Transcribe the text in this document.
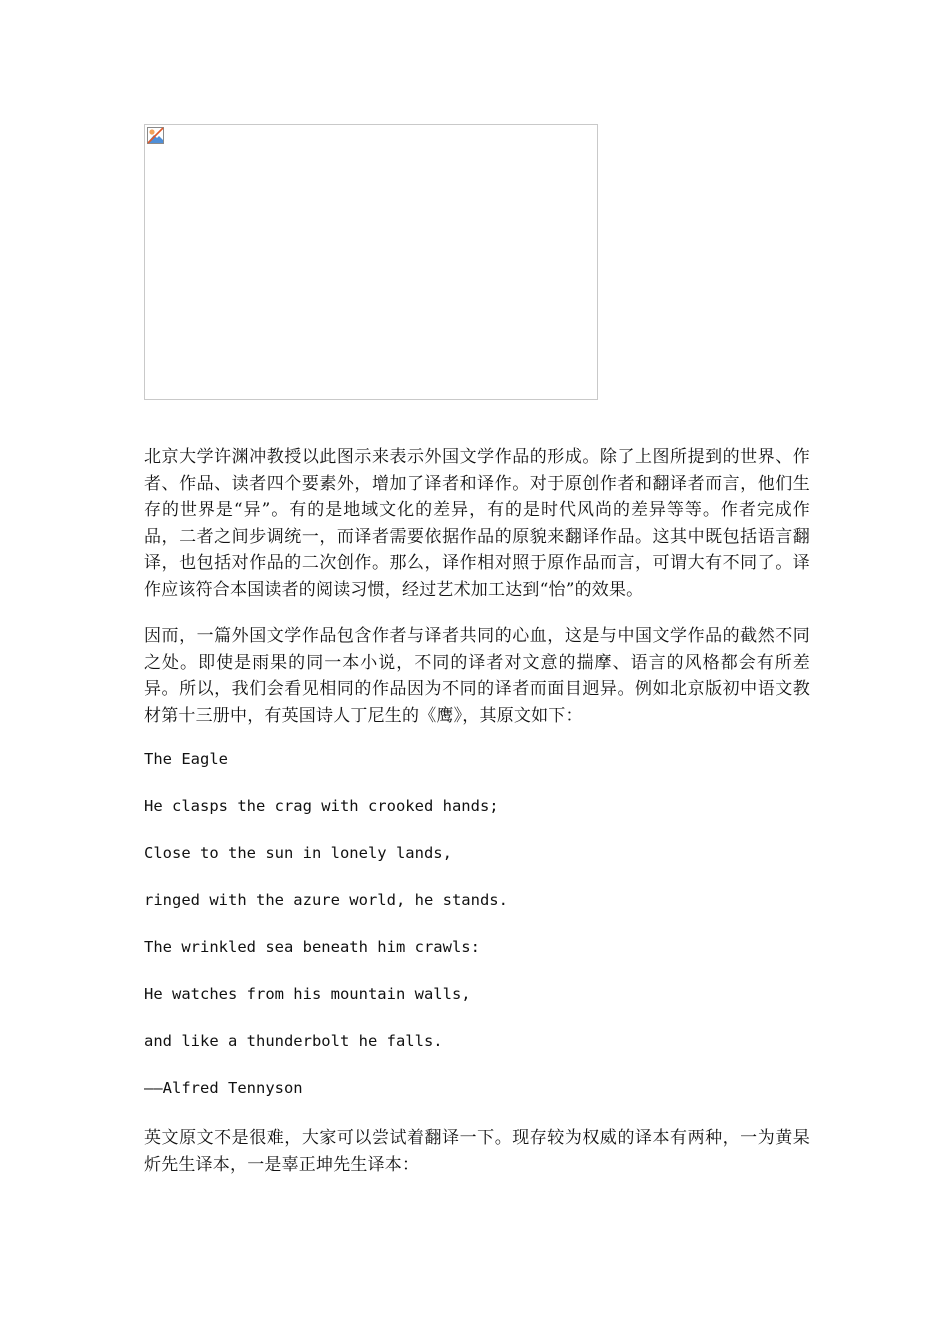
北京大学许渊冲教授以此图示来表示外国文学作品的形成。除了上图所提到的世界、作者、作品、读者四个要素外，增加了译者和译作。对于原创作者和翻译者而言，他们生存的世界是“异”。有的是地域文化的差异，有的是时代风尚的差异等等。作者完成作品，二者之间步调统一，而译者需要依据作品的原貌来翻译作品。这其中既包括语言翻译，也包括对作品的二次创作。那么，译作相对照于原作品而言，可谓大有不同了。译作应该符合本国读者的阅读习惯，经过艺术加工达到“怡”的效果。

因而，一篇外国文学作品包含作者与译者共同的心血，这是与中国文学作品的截然不同之处。即使是雨果的同一本小说，不同的译者对文意的揣摩、语言的风格都会有所差异。所以，我们会看见相同的作品因为不同的译者而面目迥异。例如北京版初中语文教材第十三册中，有英国诗人丁尼生的《鹰》，其原文如下：

The Eagle

He clasps the crag with crooked hands;

Close to the sun in lonely lands,

ringed with the azure world, he stands.

The wrinkled sea beneath him crawls:

He watches from his mountain walls,

and like a thunderbolt he falls.

——Alfred Tennyson

英文原文不是很难，大家可以尝试着翻译一下。现存较为权威的译本有两种，一为黄杲炘先生译本，一是辜正坤先生译本：
